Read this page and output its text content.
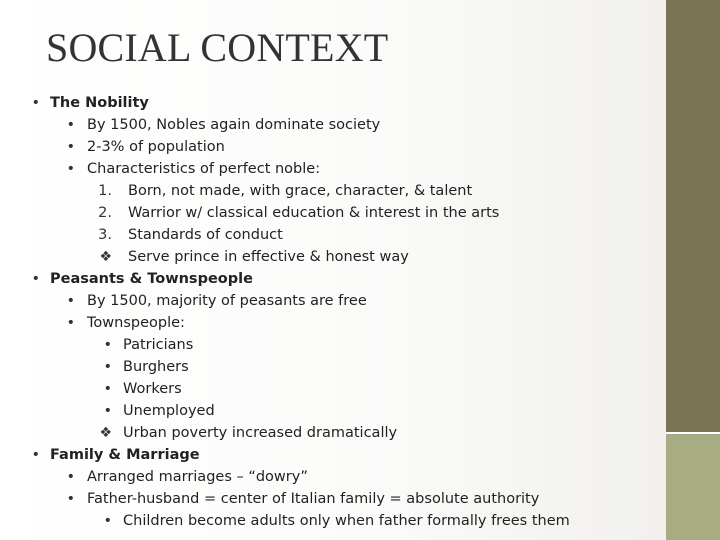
SOCIAL CONTEXT
• The Nobility
• By 1500, Nobles again dominate society
• 2-3% of population
• Characteristics of perfect noble:
1. Born, not made, with grace, character, & talent
2. Warrior w/ classical education & interest in the arts
3. Standards of conduct
❖ Serve prince in effective & honest way
• Peasants & Townspeople
• By 1500, majority of peasants are free
• Townspeople:
• Patricians
• Burghers
• Workers
• Unemployed
❖ Urban poverty increased dramatically
• Family & Marriage
• Arranged marriages – “dowry”
• Father-husband = center of Italian family = absolute authority
• Children become adults only when father formally frees them
